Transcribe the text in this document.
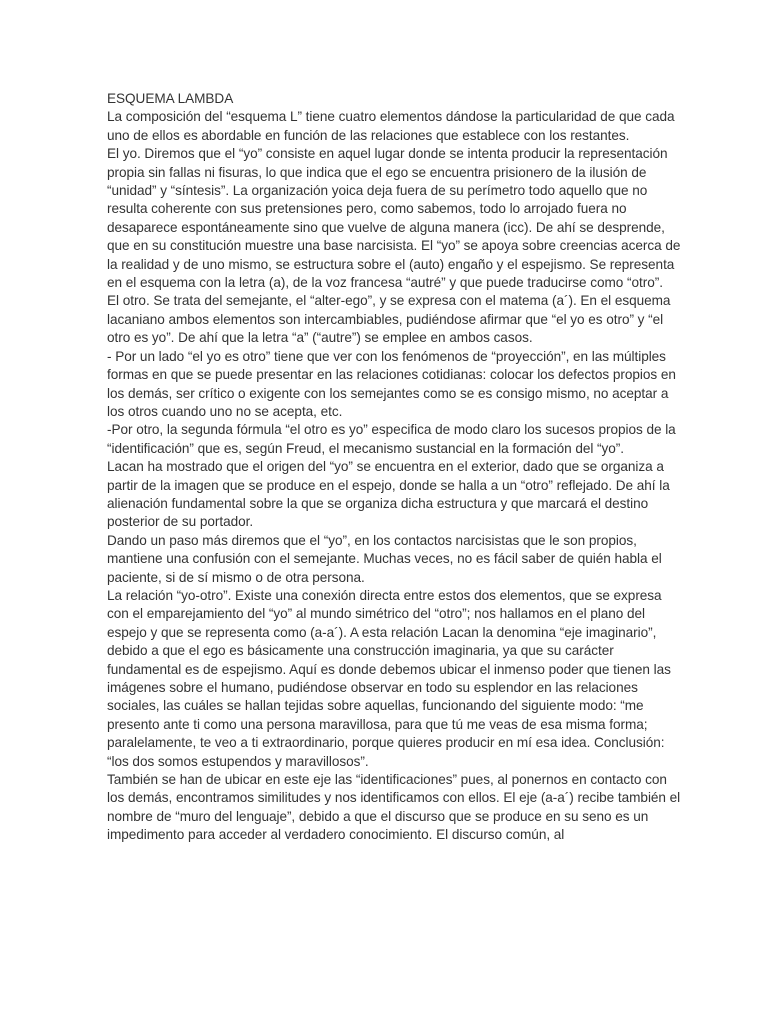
ESQUEMA LAMBDA

La composición del “esquema L” tiene cuatro elementos dándose la particularidad de que cada uno de ellos es abordable en función de las relaciones que establece con los restantes.

El yo. Diremos que el “yo” consiste en aquel lugar donde se intenta producir la representación propia sin fallas ni fisuras, lo que indica que el ego se encuentra prisionero de la ilusión de “unidad” y “síntesis”. La organización yoica deja fuera de su perímetro todo aquello que no resulta coherente con sus pretensiones pero, como sabemos, todo lo arrojado fuera no desaparece espontáneamente sino que vuelve de alguna manera (icc). De ahí se desprende, que en su constitución muestre una base narcisista. El “yo” se apoya sobre creencias acerca de la realidad y de uno mismo, se estructura sobre el (auto) engaño y el espejismo. Se representa en el esquema con la letra (a), de la voz francesa “autré” y que puede traducirse como “otro”.

El otro. Se trata del semejante, el “alter-ego”, y se expresa con el matema (a´). En el esquema lacaniano ambos elementos son intercambiables, pudiéndose afirmar que “el yo es otro” y “el otro es yo”. De ahí que la letra “a” (“autre”) se emplee en ambos casos.

- Por un lado “el yo es otro” tiene que ver con los fenómenos de “proyección”, en las múltiples formas en que se puede presentar en las relaciones cotidianas: colocar los defectos propios en los demás, ser crítico o exigente con los semejantes como se es consigo mismo, no aceptar a los otros cuando uno no se acepta, etc.

-Por otro, la segunda fórmula “el otro es yo” especifica de modo claro los sucesos propios de la “identificación” que es, según Freud, el mecanismo sustancial en la formación del “yo”.

Lacan ha mostrado que el origen del “yo” se encuentra en el exterior, dado que se organiza a partir de la imagen que se produce en el espejo, donde se halla a un “otro” reflejado. De ahí la alienación fundamental sobre la que se organiza dicha estructura y que marcará el destino posterior de su portador.

Dando un paso más diremos que el “yo”, en los contactos narcisistas que le son propios, mantiene una confusión con el semejante. Muchas veces, no es fácil saber de quién habla el paciente, si de sí mismo o de otra persona.

La relación “yo-otro”. Existe una conexión directa entre estos dos elementos, que se expresa con el emparejamiento del “yo” al mundo simétrico del “otro”; nos hallamos en el plano del espejo y que se representa como (a-a´). A esta relación Lacan la denomina “eje imaginario”, debido a que el ego es básicamente una construcción imaginaria, ya que su carácter fundamental es de espejismo. Aquí es donde debemos ubicar el inmenso poder que tienen las imágenes sobre el humano, pudiéndose observar en todo su esplendor en las relaciones sociales, las cuáles se hallan tejidas sobre aquellas, funcionando del siguiente modo: “me presento ante ti como una persona maravillosa, para que tú me veas de esa misma forma; paralelamente, te veo a ti extraordinario, porque quieres producir en mí esa idea. Conclusión: “los dos somos estupendos y maravillosos”.

También se han de ubicar en este eje las “identificaciones” pues, al ponernos en contacto con los demás, encontramos similitudes y nos identificamos con ellos. El eje (a-a´) recibe también el nombre de “muro del lenguaje”, debido a que el discurso que se produce en su seno es un impedimento para acceder al verdadero conocimiento. El discurso común, al
